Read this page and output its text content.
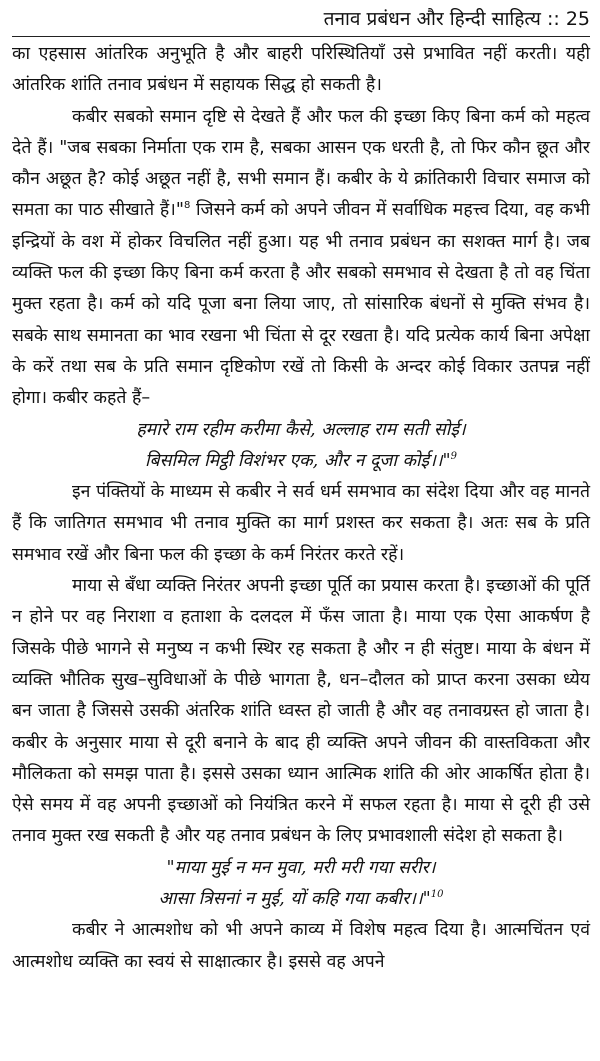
तनाव प्रबंधन और हिन्दी साहित्य :: 25

का एहसास आंतरिक अनुभूति है और बाहरी परिस्थितियाँ उसे प्रभावित नहीं करती। यही आंतरिक शांति तनाव प्रबंधन में सहायक सिद्ध हो सकती है।

कबीर सबको समान दृष्टि से देखते हैं और फल की इच्छा किए बिना कर्म को महत्व देते हैं। "जब सबका निर्माता एक राम है, सबका आसन एक धरती है, तो फिर कौन छूत और कौन अछूत है? कोई अछूत नहीं है, सभी समान हैं। कबीर के ये क्रांतिकारी विचार समाज को समता का पाठ सीखाते हैं।"$^8$ जिसने कर्म को अपने जीवन में सर्वाधिक महत्त्व दिया, वह कभी इन्द्रियों के वश में होकर विचलित नहीं हुआ। यह भी तनाव प्रबंधन का सशक्त मार्ग है। जब व्यक्ति फल की इच्छा किए बिना कर्म करता है और सबको समभाव से देखता है तो वह चिंता मुक्त रहता है। कर्म को यदि पूजा बना लिया जाए, तो सांसारिक बंधनों से मुक्ति संभव है। सबके साथ समानता का भाव रखना भी चिंता से दूर रखता है। यदि प्रत्येक कार्य बिना अपेक्षा के करें तथा सब के प्रति समान दृष्टिकोण रखें तो किसी के अन्दर कोई विकार उतपन्न नहीं होगा। कबीर कहते हैं–

हमारे राम रहीम करीमा कैसे, अल्लाह राम सती सोई।

बिसमिल मिट्ठी विशंभर एक, और न दूजा कोई।।"$^9$

इन पंक्तियों के माध्यम से कबीर ने सर्व धर्म समभाव का संदेश दिया और वह मानते हैं कि जातिगत समभाव भी तनाव मुक्ति का मार्ग प्रशस्त कर सकता है। अतः सब के प्रति समभाव रखें और बिना फल की इच्छा के कर्म निरंतर करते रहें।

माया से बँधा व्यक्ति निरंतर अपनी इच्छा पूर्ति का प्रयास करता है। इच्छाओं की पूर्ति न होने पर वह निराशा व हताशा के दलदल में फँस जाता है। माया एक ऐसा आकर्षण है जिसके पीछे भागने से मनुष्य न कभी स्थिर रह सकता है और न ही संतुष्ट। माया के बंधन में व्यक्ति भौतिक सुख–सुविधाओं के पीछे भागता है, धन–दौलत को प्राप्त करना उसका ध्येय बन जाता है जिससे उसकी अंतरिक शांति ध्वस्त हो जाती है और वह तनावग्रस्त हो जाता है। कबीर के अनुसार माया से दूरी बनाने के बाद ही व्यक्ति अपने जीवन की वास्तविकता और मौलिकता को समझ पाता है। इससे उसका ध्यान आत्मिक शांति की ओर आकर्षित होता है। ऐसे समय में वह अपनी इच्छाओं को नियंत्रित करने में सफल रहता है। माया से दूरी ही उसे तनाव मुक्त रख सकती है और यह तनाव प्रबंधन के लिए प्रभावशाली संदेश हो सकता है।

"माया मुई न मन मुवा, मरी मरी गया सरीर।

आसा त्रिसनां न मुई, यों कहि गया कबीर।।"$^{10}$

कबीर ने आत्मशोध को भी अपने काव्य में विशेष महत्व दिया है। आत्मचिंतन एवं आत्मशोध व्यक्ति का स्वयं से साक्षात्कार है। इससे वह अपने
